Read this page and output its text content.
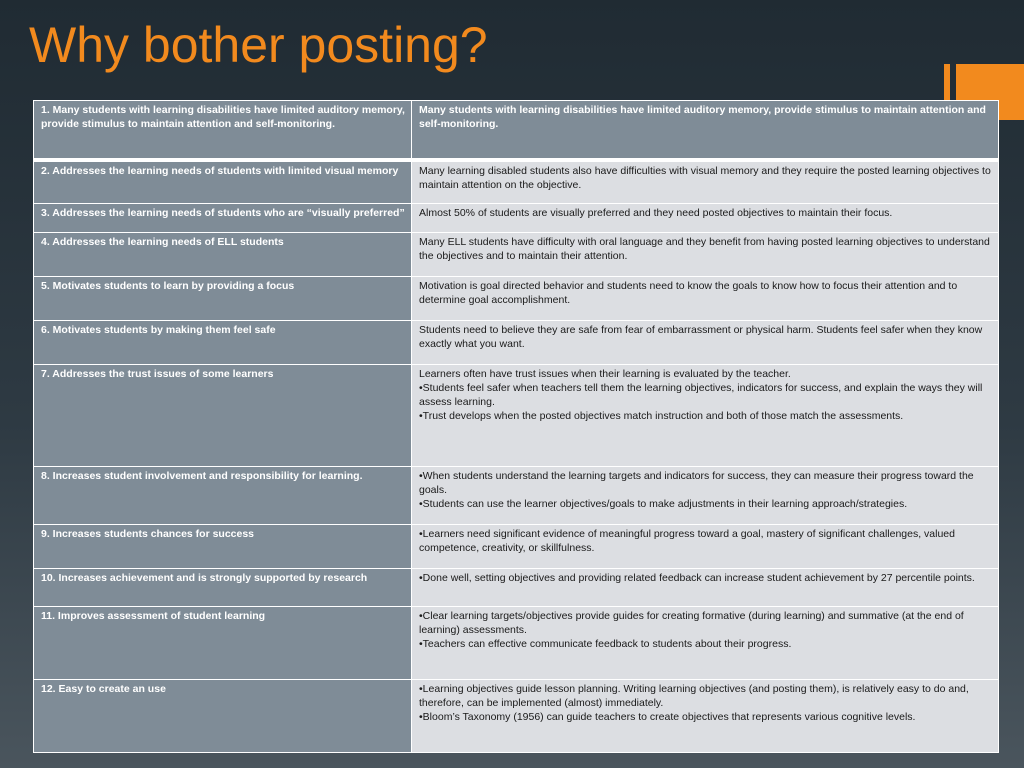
Why bother posting?
1. Many students with learning disabilities have limited auditory memory, provide stimulus to maintain attention and self-monitoring.	Many students with learning disabilities have limited auditory memory, provide stimulus to maintain attention and self-monitoring.

2. Addresses the learning needs of students with limited visual memory	Many learning disabled students also have difficulties with visual memory and they require the posted learning objectives to maintain attention on the objective.

3. Addresses the learning needs of students who are “visually preferred”	Almost 50% of students are visually preferred and they need posted objectives to maintain their focus.

4. Addresses the learning needs of ELL students	Many ELL students have difficulty with oral language and they benefit from having posted learning objectives to understand the objectives and to maintain their attention.

5. Motivates students to learn by providing a focus	Motivation is goal directed behavior and students need to know the goals to know how to focus their attention and to determine goal accomplishment.

6. Motivates students by making them feel safe	Students need to believe they are safe from fear of embarrassment or physical harm. Students feel safer when they know exactly what you want.

7. Addresses the trust issues of some learners	Learners often have trust issues when their learning is evaluated by the teacher.
•Students feel safer when teachers tell them the learning objectives, indicators for success, and explain the ways they will assess learning.
•Trust develops when the posted objectives match instruction and both of those match the assessments.

8. Increases student involvement and responsibility for learning.	•When students understand the learning targets and indicators for success, they can measure their progress toward the goals.
•Students can use the learner objectives/goals to make adjustments in their learning approach/strategies.

9. Increases students chances for success	•Learners need significant evidence of meaningful progress toward a goal, mastery of significant challenges, valued competence, creativity, or skillfulness.

10. Increases achievement and is strongly supported by research	•Done well, setting objectives and providing related feedback can increase student achievement by 27 percentile points.

11. Improves assessment of student learning	•Clear learning targets/objectives provide guides for creating formative (during learning) and summative (at the end of learning) assessments.
•Teachers can effective communicate feedback to students about their progress.

12. Easy to create an use	•Learning objectives guide lesson planning. Writing learning objectives (and posting them), is relatively easy to do and, therefore, can be implemented (almost) immediately.
•Bloom’s Taxonomy (1956) can guide teachers to create objectives that represents various cognitive levels.
